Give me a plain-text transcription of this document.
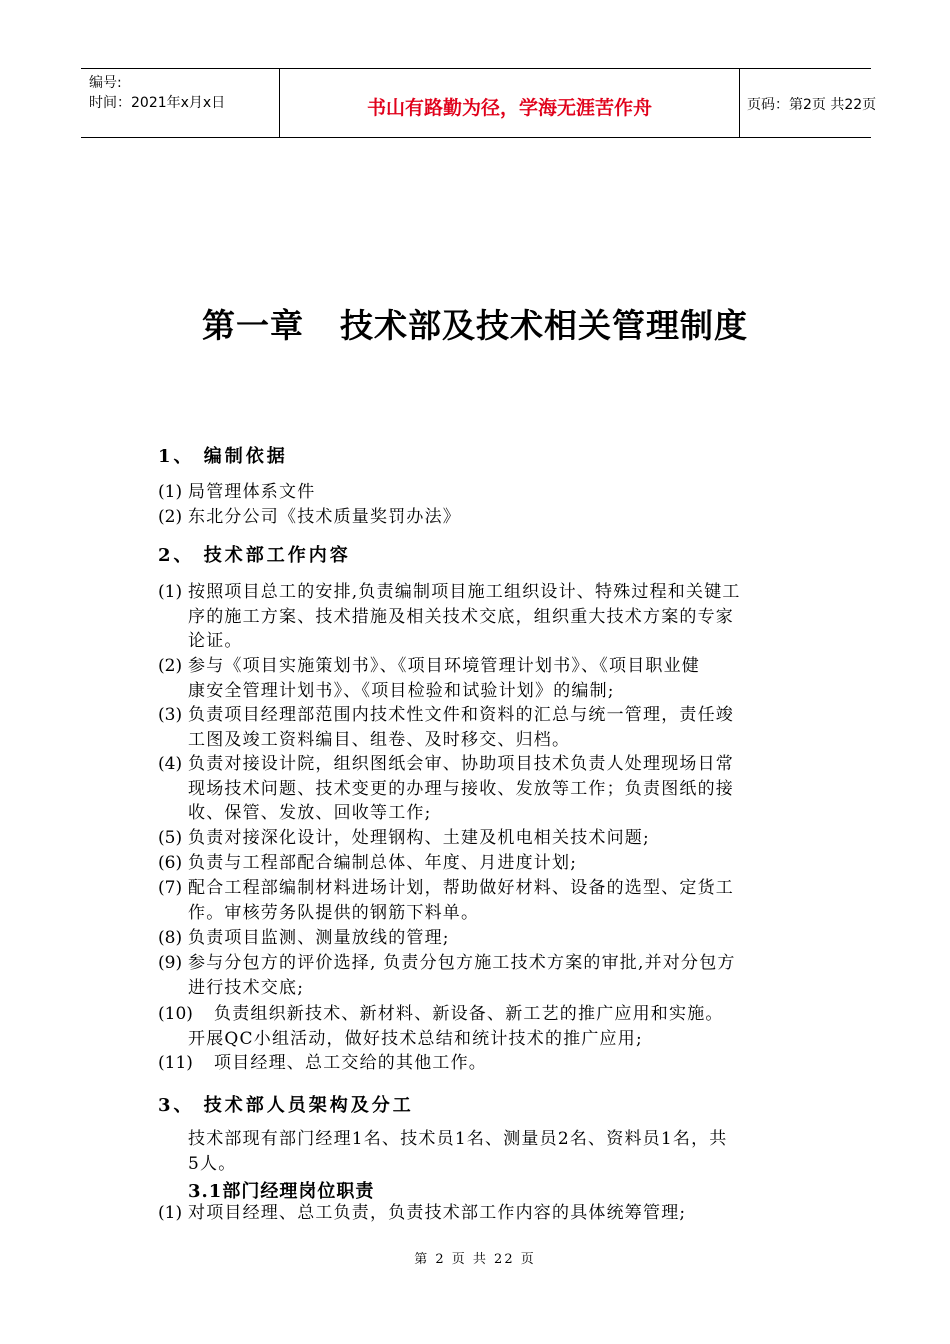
编号:
时间：2021年x月x日	书山有路勤为径，学海无涯苦作舟	页码：第2页 共22页
第一章 技术部及技术相关管理制度
1、 编制依据
(1) 局管理体系文件
(2) 东北分公司《技术质量奖罚办法》
2、 技术部工作内容
(1) 按照项目总工的安排,负责编制项目施工组织设计、特殊过程和关键工
序的施工方案、技术措施及相关技术交底，组织重大技术方案的专家
论证。
(2) 参与《项目实施策划书》、《项目环境管理计划书》、《项目职业健
康安全管理计划书》、《项目检验和试验计划》的编制;
(3) 负责项目经理部范围内技术性文件和资料的汇总与统一管理，责任竣
工图及竣工资料编目、组卷、及时移交、归档。
(4) 负责对接设计院，组织图纸会审、协助项目技术负责人处理现场日常
现场技术问题、技术变更的办理与接收、发放等工作；负责图纸的接
收、保管、发放、回收等工作;
(5) 负责对接深化设计，处理钢构、土建及机电相关技术问题;
(6) 负责与工程部配合编制总体、年度、月进度计划;
(7) 配合工程部编制材料进场计划，帮助做好材料、设备的选型、定货工
作。审核劳务队提供的钢筋下料单。
(8) 负责项目监测、测量放线的管理;
(9) 参与分包方的评价选择, 负责分包方施工技术方案的审批,并对分包方
进行技术交底;
(10) 负责组织新技术、新材料、新设备、新工艺的推广应用和实施。
开展QC小组活动，做好技术总结和统计技术的推广应用;
(11) 项目经理、总工交给的其他工作。
3、 技术部人员架构及分工
技术部现有部门经理1名、技术员1名、测量员2名、资料员1名，共
5人。
3.1部门经理岗位职责
(1) 对项目经理、总工负责，负责技术部工作内容的具体统筹管理;
第 2 页 共 22 页
